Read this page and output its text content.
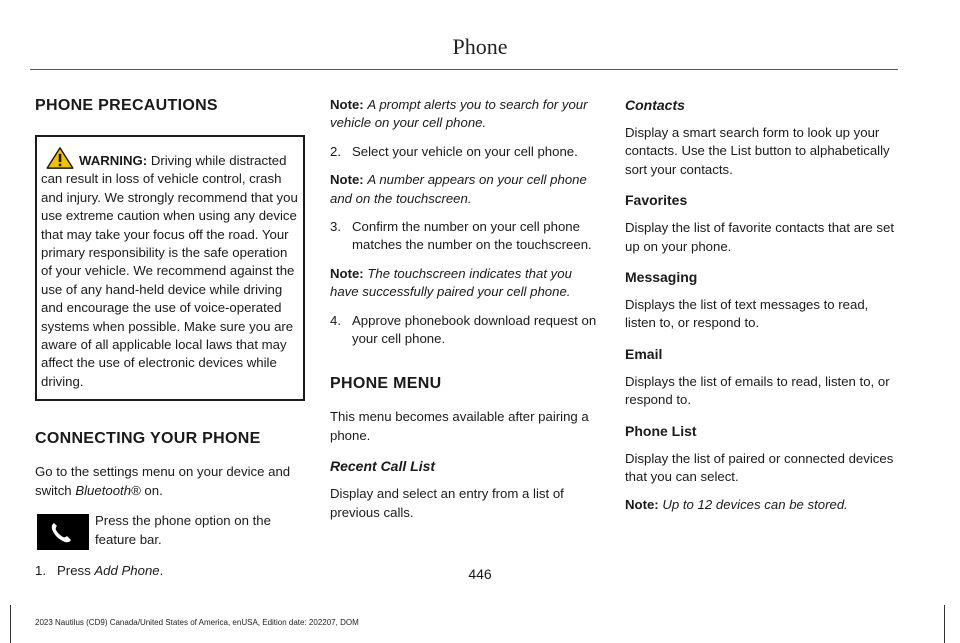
Phone
PHONE PRECAUTIONS

WARNING: Driving while distracted can result in loss of vehicle control, crash and injury. We strongly recommend that you use extreme caution when using any device that may take your focus off the road. Your primary responsibility is the safe operation of your vehicle. We recommend against the use of any hand-held device while driving and encourage the use of voice-operated systems when possible. Make sure you are aware of all applicable local laws that may affect the use of electronic devices while driving.

CONNECTING YOUR PHONE

Go to the settings menu on your device and switch Bluetooth® on.

Press the phone option on the feature bar.

1. Press Add Phone.

Note: A prompt alerts you to search for your vehicle on your cell phone.

2. Select your vehicle on your cell phone.

Note: A number appears on your cell phone and on the touchscreen.

3. Confirm the number on your cell phone matches the number on the touchscreen.

Note: The touchscreen indicates that you have successfully paired your cell phone.

4. Approve phonebook download request on your cell phone.

PHONE MENU

This menu becomes available after pairing a phone.

Recent Call List

Display and select an entry from a list of previous calls.

Contacts

Display a smart search form to look up your contacts. Use the List button to alphabetically sort your contacts.

Favorites

Display the list of favorite contacts that are set up on your phone.

Messaging

Displays the list of text messages to read, listen to, or respond to.

Email

Displays the list of emails to read, listen to, or respond to.

Phone List

Display the list of paired or connected devices that you can select.

Note: Up to 12 devices can be stored.

446
2023 Nautilus (CD9) Canada/United States of America, enUSA, Edition date: 202207, DOM
